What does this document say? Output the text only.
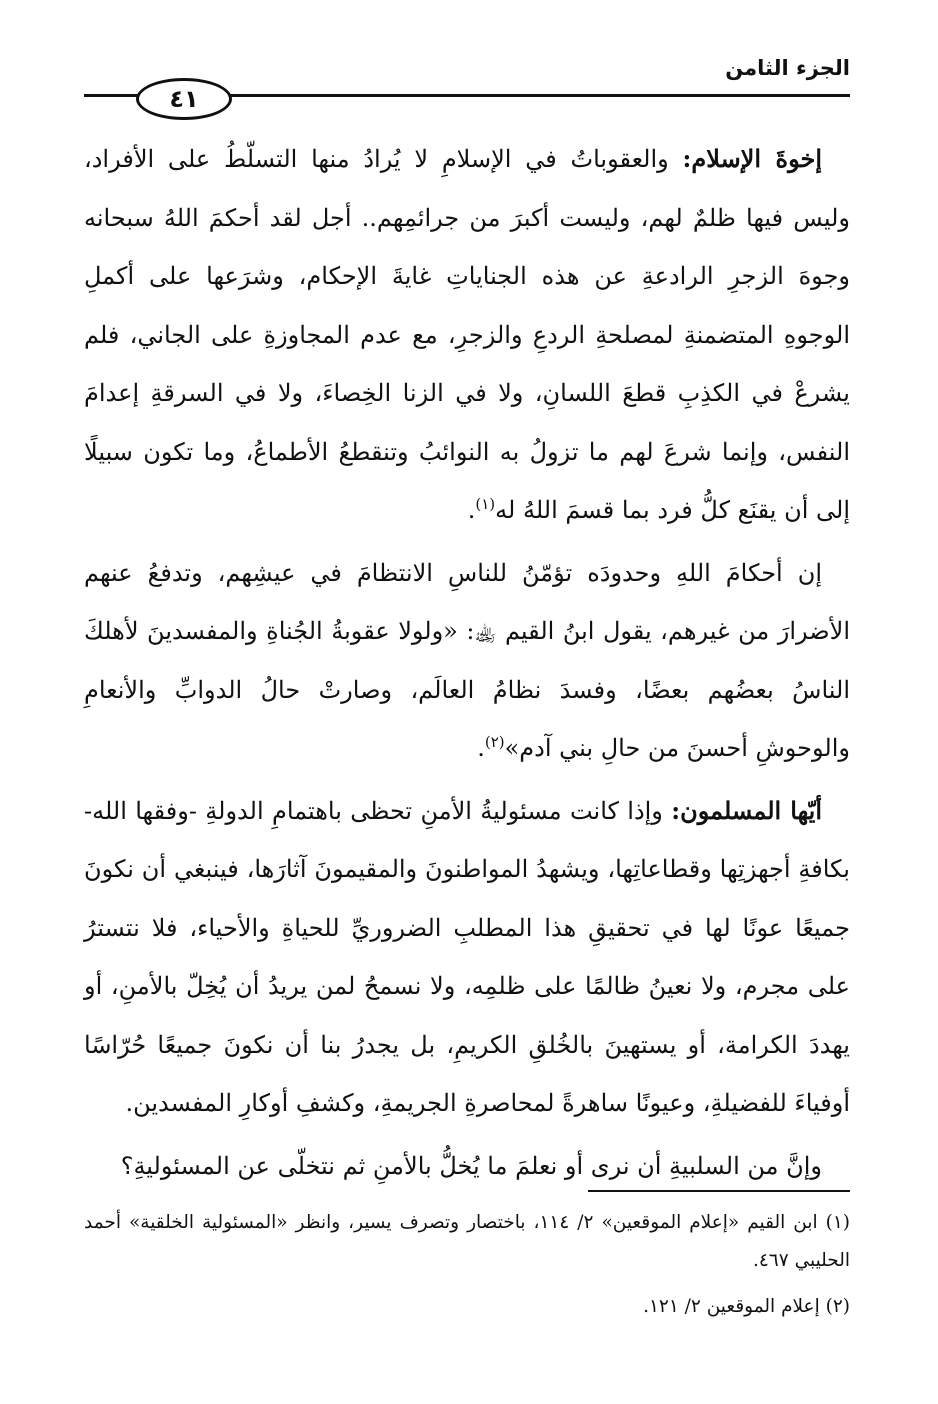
الجزء الثامن
٤١

إخوةَ الإسلام: والعقوباتُ في الإسلامِ لا يُرادُ منها التسلّطُ على الأفراد، وليس فيها ظلمٌ لهم، وليست أكبرَ من جرائمِهم.. أجل لقد أحكمَ اللهُ سبحانه وجوهَ الزجرِ الرادعةِ عن هذه الجناياتِ غايةَ الإحكام، وشرَعها على أكملِ الوجوهِ المتضمنةِ لمصلحةِ الردعِ والزجرِ، مع عدم المجاوزةِ على الجاني، فلم يشرعْ في الكذِبِ قطعَ اللسانِ، ولا في الزنا الخِصاءَ، ولا في السرقةِ إعدامَ النفس، وإنما شرعَ لهم ما تزولُ به النوائبُ وتنقطعُ الأطماعُ، وما تكون سبيلًا إلى أن يقنَع كلُّ فرد بما قسمَ اللهُ له$^{(١)}$.

إن أحكامَ اللهِ وحدودَه تؤمّنُ للناسِ الانتظامَ في عيشِهم، وتدفعُ عنهم الأضرارَ من غيرهم، يقول ابنُ القيم ﵀: «ولولا عقوبةُ الجُناةِ والمفسدينَ لأهلكَ الناسُ بعضُهم بعضًا، وفسدَ نظامُ العالَم، وصارتْ حالُ الدوابِّ والأنعامِ والوحوشِ أحسنَ من حالِ بني آدم»$^{(٢)}$.

أيّها المسلمون: وإذا كانت مسئوليةُ الأمنِ تحظى باهتمامِ الدولةِ -وفقها الله- بكافةِ أجهزتِها وقطاعاتِها، ويشهدُ المواطنونَ والمقيمونَ آثارَها، فينبغي أن نكونَ جميعًا عونًا لها في تحقيقِ هذا المطلبِ الضروريِّ للحياةِ والأحياء، فلا نتسترُ على مجرم، ولا نعينُ ظالمًا على ظلمِه، ولا نسمحُ لمن يريدُ أن يُخِلّ بالأمنِ، أو يهددَ الكرامة، أو يستهينَ بالخُلقِ الكريمِ، بل يجدرُ بنا أن نكونَ جميعًا حُرّاسًا أوفياءَ للفضيلةِ، وعيونًا ساهرةً لمحاصرةِ الجريمةِ، وكشفِ أوكارِ المفسدين.

وإنَّ من السلبيةِ أن نرى أو نعلمَ ما يُخلُّ بالأمنِ ثم نتخلّى عن المسئوليةِ؟

(١) ابن القيم «إعلام الموقعين» ٢/ ١١٤، باختصار وتصرف يسير، وانظر «المسئولية الخلقية» أحمد الحليبي ٤٦٧.

(٢) إعلام الموقعين ٢/ ١٢١.
